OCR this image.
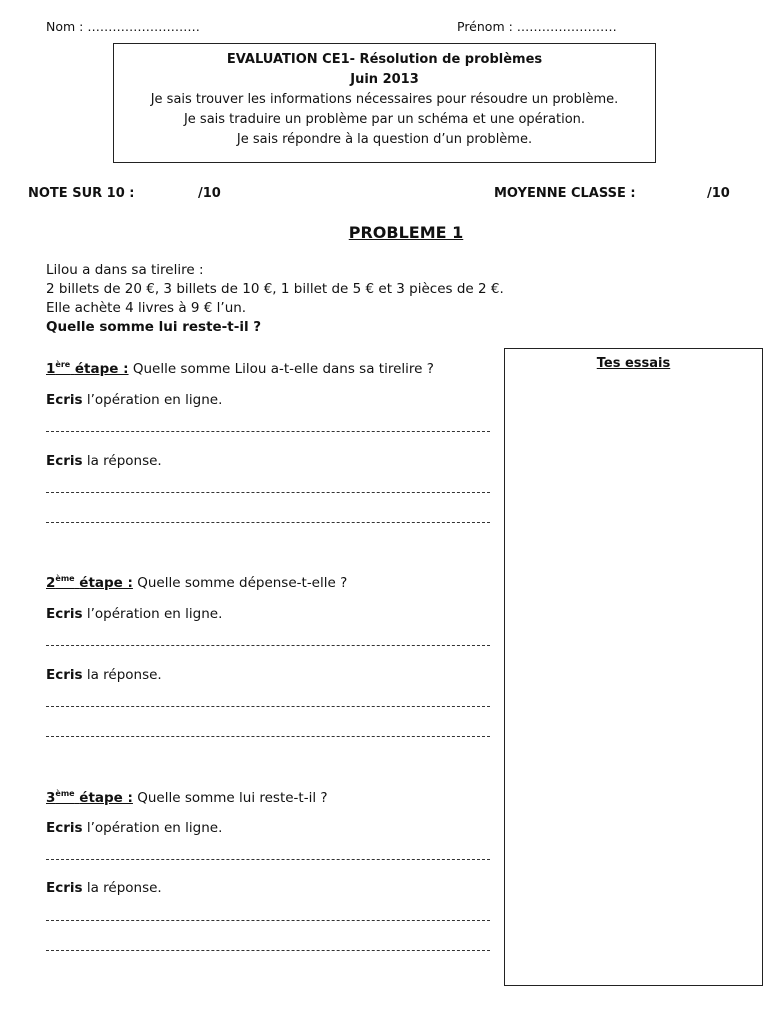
Nom : ………………………	Prénom : ……………………
EVALUATION CE1- Résolution de problèmes
Juin 2013
Je sais trouver les informations nécessaires pour résoudre un problème.
Je sais traduire un problème par un schéma et une opération.
Je sais répondre à la question d’un problème.
NOTE SUR 10 :	/10	MOYENNE CLASSE :	/10
PROBLEME 1
Lilou a dans sa tirelire :
2 billets de 20 €, 3 billets de 10 €, 1 billet de 5 € et 3 pièces de 2 €.
Elle achète 4 livres à 9 € l’un.
Quelle somme lui reste-t-il ?
Tes essais
1ère étape : Quelle somme Lilou a-t-elle dans sa tirelire ?
Ecris l’opération en ligne.
Ecris la réponse.
2ème étape : Quelle somme dépense-t-elle ?
Ecris l’opération en ligne.
Ecris la réponse.
3ème étape : Quelle somme lui reste-t-il ?
Ecris l’opération en ligne.
Ecris la réponse.
